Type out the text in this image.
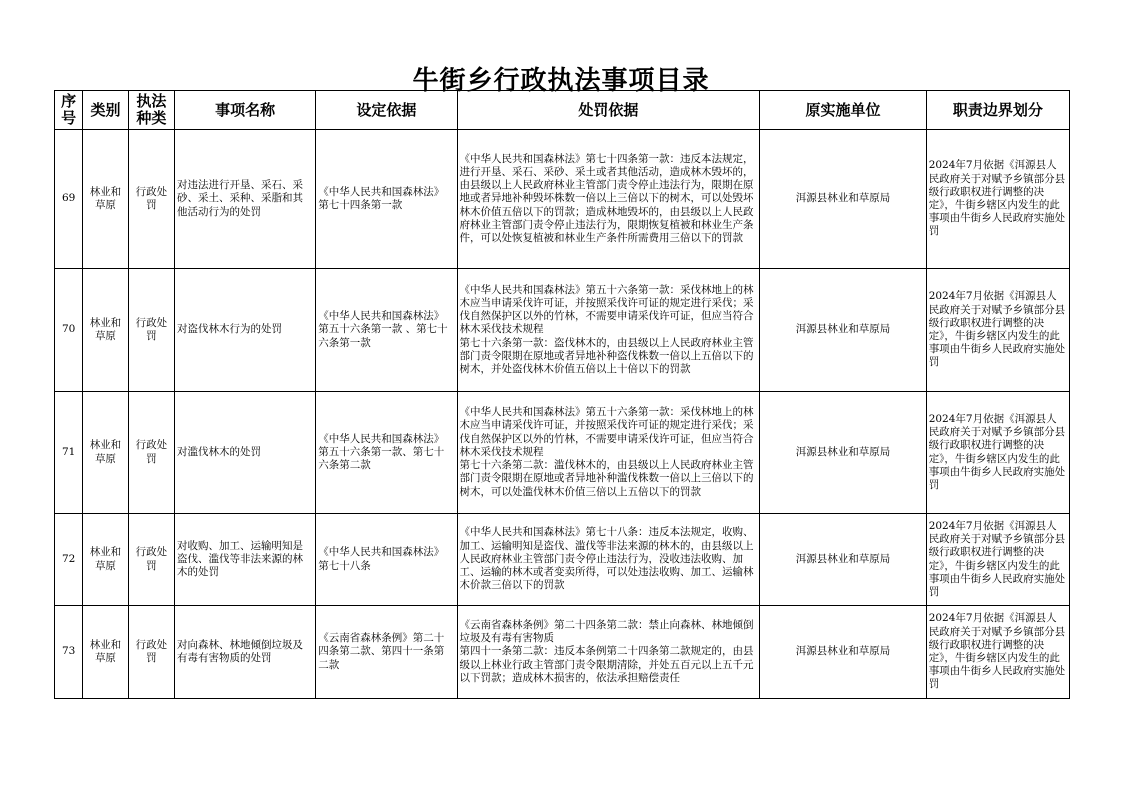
牛街乡行政执法事项目录
序号	类别	执法种类	事项名称	设定依据	处罚依据	原实施单位	职责边界划分
69	林业和草原	行政处罚	对违法进行开垦、采石、采砂、采土、采种、采脂和其他活动行为的处罚	《中华人民共和国森林法》第七十四条第一款	《中华人民共和国森林法》第七十四条第一款：违反本法规定，进行开垦、采石、采砂、采土或者其他活动，造成林木毁坏的，由县级以上人民政府林业主管部门责令停止违法行为，限期在原地或者异地补种毁坏株数一倍以上三倍以下的树木，可以处毁坏林木价值五倍以下的罚款；造成林地毁坏的，由县级以上人民政府林业主管部门责令停止违法行为，限期恢复植被和林业生产条件，可以处恢复植被和林业生产条件所需费用三倍以下的罚款	洱源县林业和草原局	2024年7月依据《洱源县人民政府关于对赋予乡镇部分县级行政职权进行调整的决定》，牛街乡辖区内发生的此事项由牛街乡人民政府实施处罚
70	林业和草原	行政处罚	对盗伐林木行为的处罚	《中华人民共和国森林法》第五十六条第一款 、第七十六条第一款	《中华人民共和国森林法》第五十六条第一款：采伐林地上的林木应当申请采伐许可证，并按照采伐许可证的规定进行采伐；采伐自然保护区以外的竹林，不需要申请采伐许可证，但应当符合林木采伐技术规程
第七十六条第一款：盗伐林木的，由县级以上人民政府林业主管部门责令限期在原地或者异地补种盗伐株数一倍以上五倍以下的树木，并处盗伐林木价值五倍以上十倍以下的罚款	洱源县林业和草原局	2024年7月依据《洱源县人民政府关于对赋予乡镇部分县级行政职权进行调整的决定》，牛街乡辖区内发生的此事项由牛街乡人民政府实施处罚
71	林业和草原	行政处罚	对滥伐林木的处罚	《中华人民共和国森林法》第五十六条第一款、第七十六条第二款	《中华人民共和国森林法》第五十六条第一款：采伐林地上的林木应当申请采伐许可证，并按照采伐许可证的规定进行采伐；采伐自然保护区以外的竹林，不需要申请采伐许可证，但应当符合林木采伐技术规程
第七十六条第二款：滥伐林木的，由县级以上人民政府林业主管部门责令限期在原地或者异地补种滥伐株数一倍以上三倍以下的树木，可以处滥伐林木价值三倍以上五倍以下的罚款	洱源县林业和草原局	2024年7月依据《洱源县人民政府关于对赋予乡镇部分县级行政职权进行调整的决定》，牛街乡辖区内发生的此事项由牛街乡人民政府实施处罚
72	林业和草原	行政处罚	对收购、加工、运输明知是盗伐、滥伐等非法来源的林木的处罚	《中华人民共和国森林法》第七十八条	《中华人民共和国森林法》第七十八条：违反本法规定，收购、加工、运输明知是盗伐、滥伐等非法来源的林木的，由县级以上人民政府林业主管部门责令停止违法行为，没收违法收购、加工、运输的林木或者变卖所得，可以处违法收购、加工、运输林木价款三倍以下的罚款	洱源县林业和草原局	2024年7月依据《洱源县人民政府关于对赋予乡镇部分县级行政职权进行调整的决定》，牛街乡辖区内发生的此事项由牛街乡人民政府实施处罚
73	林业和草原	行政处罚	对向森林、林地倾倒垃圾及有毒有害物质的处罚	《云南省森林条例》第二十四条第二款、第四十一条第二款	《云南省森林条例》第二十四条第二款：禁止向森林、林地倾倒垃圾及有毒有害物质
第四十一条第二款：违反本条例第二十四条第二款规定的，由县级以上林业行政主管部门责令限期清除，并处五百元以上五千元以下罚款；造成林木损害的，依法承担赔偿责任	洱源县林业和草原局	2024年7月依据《洱源县人民政府关于对赋予乡镇部分县级行政职权进行调整的决定》，牛街乡辖区内发生的此事项由牛街乡人民政府实施处罚
